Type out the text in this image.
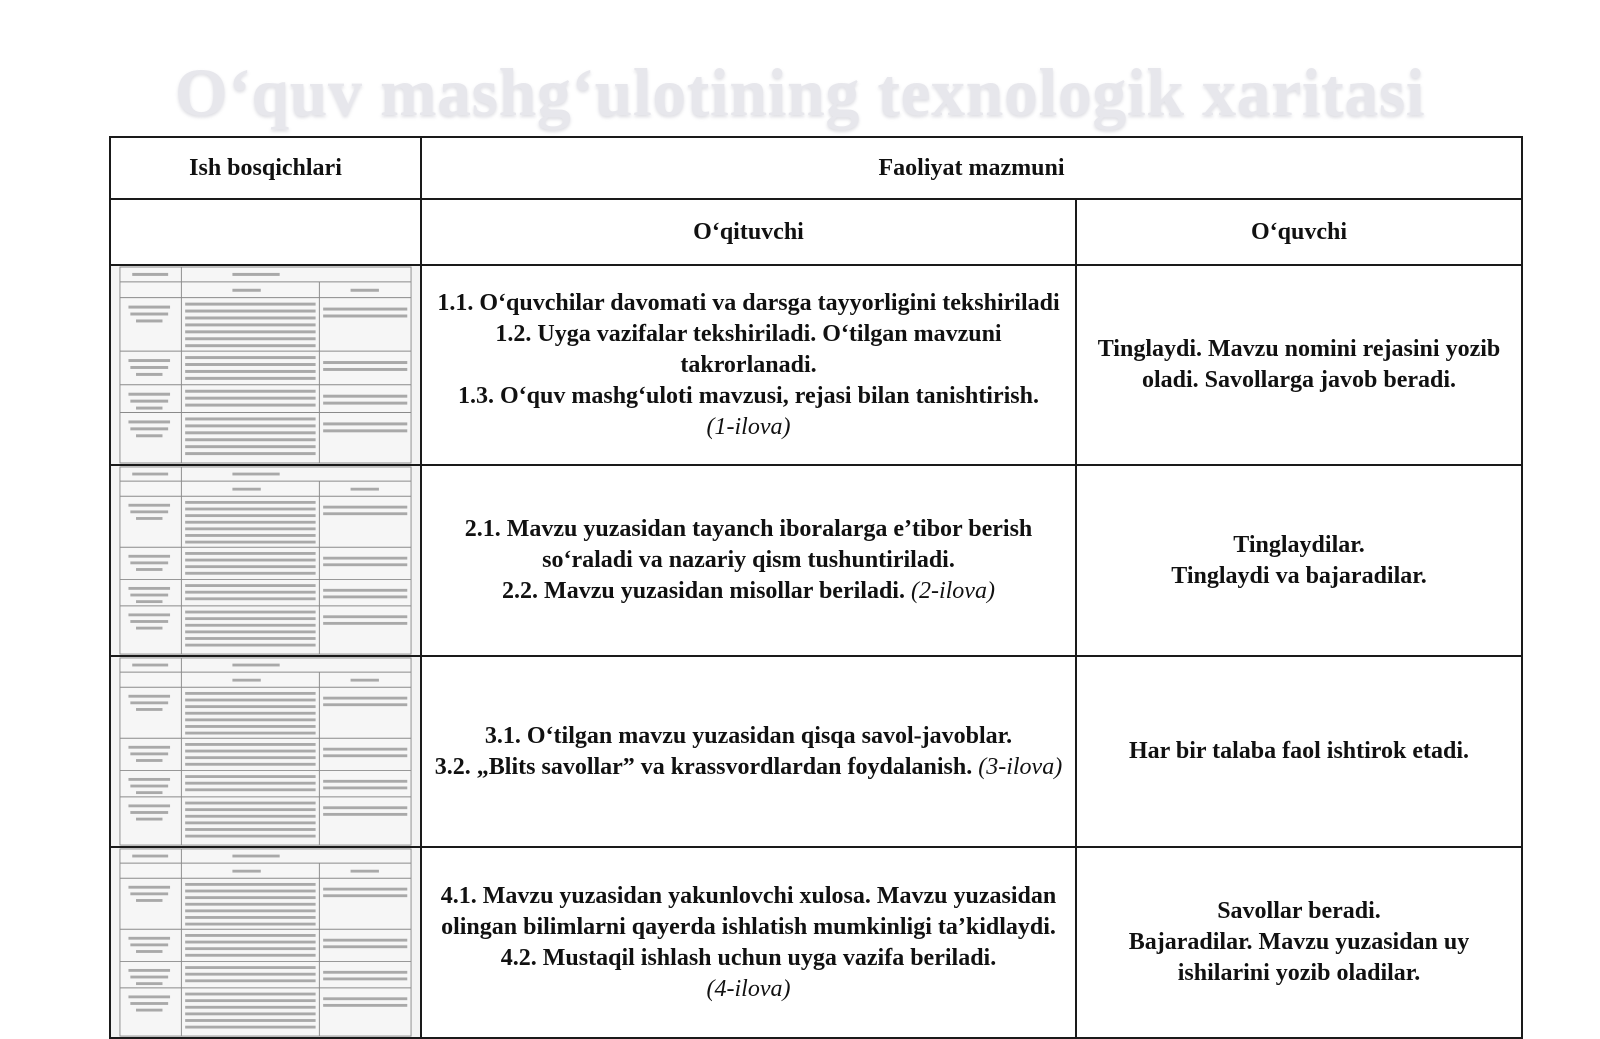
O‘quv mashg‘ulotining texnologik xaritasi
Ish bosqichlari	Faoliyat mazmuni	
	O‘qituvchi	O‘quvchi

1.1. O‘quvchilar davomati va darsga tayyorligini tekshiriladi
1.2. Uyga vazifalar tekshiriladi. O‘tilgan mavzuni takrorlanadi.
1.3. O‘quv mashg‘uloti mavzusi, rejasi bilan tanishtirish.
(1-ilova)	Tinglaydi. Mavzu nomini rejasini yozib oladi. Savollarga javob beradi.

2.1. Mavzu yuzasidan tayanch iboralarga e’tibor berish so‘raladi va nazariy qism tushuntiriladi.
2.2. Mavzu yuzasidan misollar beriladi. (2-ilova)	Tinglaydilar.
Tinglaydi va bajaradilar.

3.1. O‘tilgan mavzu yuzasidan qisqa savol-javoblar.
3.2. „Blits savollar” va krassvordlardan foydalanish. (3-ilova)	Har bir talaba faol ishtirok etadi.

4.1. Mavzu yuzasidan yakunlovchi xulosa. Mavzu yuzasidan olingan bilimlarni qayerda ishlatish mumkinligi ta’kidlaydi.
4.2. Mustaqil ishlash uchun uyga vazifa beriladi.
(4-ilova)	Savollar beradi.
Bajaradilar. Mavzu yuzasidan uy ishilarini yozib oladilar.
